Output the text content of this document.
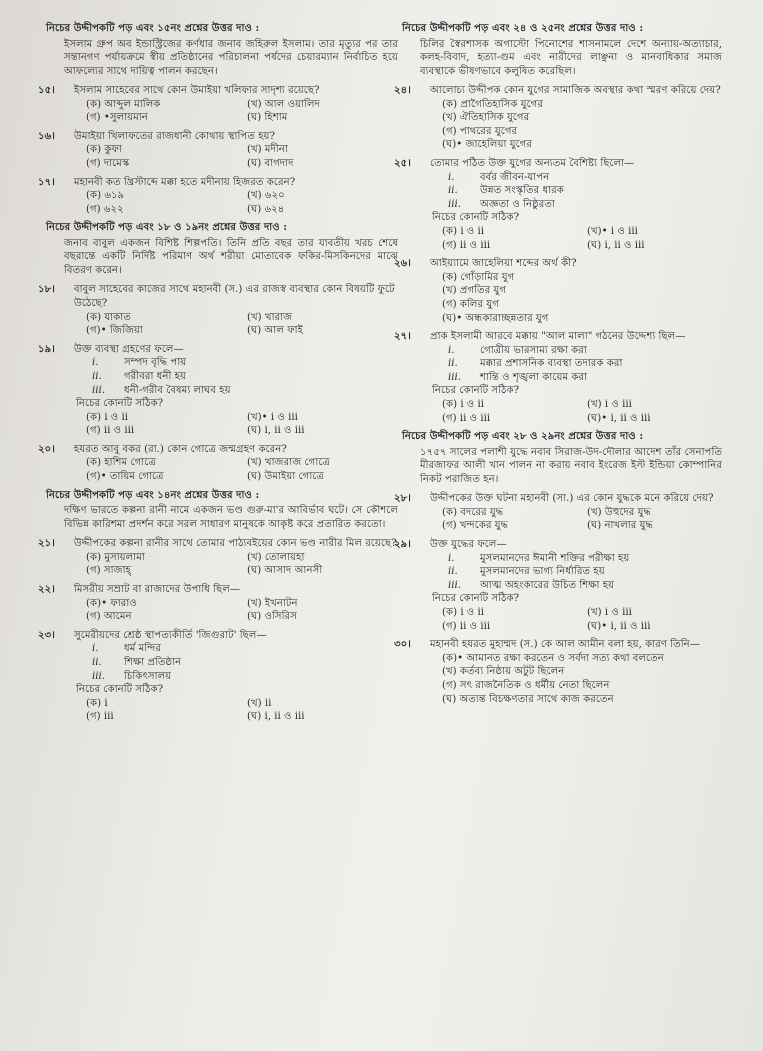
নিচের উদ্দীপকটি পড় এবং ১৫নং প্রশ্নের উত্তর দাও :
ইসলাম গ্রুপ অব ইন্ডাস্ট্রিজের কর্ণধার জনাব জহিরুল ইসলাম। তার মৃত্যুর পর তার সন্তানগণ পর্যায়ক্রমে স্বীয় প্রতিষ্ঠানের পরিচালনা পর্ষদের চেয়ারম্যান নির্বাচিত হয়ে আফল্যের সাথে দায়িত্ব পালন করছেন।
১৫।	ইসলাম সাহেবের সাথে কোন উমাইয়া খলিফার সাদৃশ্য রয়েছে?
(ক) আব্দুল মালিক	(খ) আল ওয়ালিদ
(গ) •সুলায়মান	(ঘ) হিশাম
১৬।	উমাইয়া খিলাফতের রাজধানী কোথায় স্থাপিত হয়?
(ক) কুফা	(খ) মদীনা
(গ) দামেস্ক	(ঘ) বাগদাদ
১৭।	মহানবী কত খ্রিস্টাব্দে মক্কা হতে মদীনায় হিজরত করেন?
(ক) ৬১৯	(খ) ৬২০
(গ) ৬২২	(ঘ) ৬২৪
নিচের উদ্দীপকটি পড় এবং ১৮ ও ১৯নং প্রশ্নের উত্তর দাও :
জনাব বাবুল একজন বিশিষ্ট শিল্পপতি। তিনি প্রতি বছর তার যাবতীয় খরচ শেষে বছরান্তে একটি নির্দিষ্ট পরিমাণ অর্থ শরীয়া মোতাবেক ফকির-মিসকিনদের মাঝে বিতরণ করেন।
১৮।	বাবুল সাহেবের কাজের সাথে মহানবী (স.) এর রাজস্ব ব্যবস্থার কোন বিষয়টি ফুটে উঠেছে?
(ক) যাকাত	(খ) খারাজ
(গ)• জিজিয়া	(ঘ) আল ফাই
১৯।	উক্ত ব্যবস্থা গ্রহণের ফলে—
i.	সম্পদ বৃদ্ধি পায়
ii.	গরীবরা ধনী হয়
iii.	ধনী-গরীব বৈষম্য লাঘব হয়
নিচের কোনটি সঠিক?
(ক) i ও ii	(খ)• i ও iii
(গ) ii ও iii	(ঘ) i, ii ও iii
২০।	হযরত আবু বকর (রা.) কোন গোত্রে জন্মগ্রহণ করেন?
(ক) হাশিম গোত্রে	(খ) খাজরাজ গোত্রে
(গ)• তায়িম গোত্রে	(ঘ) উমাইয়া গোত্রে
নিচের উদ্দীপকটি পড় এবং ১৪নং প্রশ্নের উত্তর দাও :
দক্ষিণ ভারতে কল্পনা রানী নামে একজন ভণ্ড গুরু-মা'র আবির্ভাব ঘটে। সে কৌশলে বিভিন্ন কারিশমা প্রদর্শন করে সরল সাধারণ মানুষকে আকৃষ্ট করে প্রতারিত করতো।
২১।	উদ্দীপকের কল্পনা রানীর সাথে তোমার পাঠ্যবইয়ের কোন ভণ্ড নারীর মিল রয়েছে?
(ক) মুসায়লামা	(খ) তোলায়হা
(গ) সাজাহ্	(ঘ) আসাদ আনসী
২২।	মিসরীয় সম্রাট বা রাজাদের উপাধি ছিল—
(ক)• ফারাও	(খ) ইখনাটন
(গ) আমেন	(ঘ) ওসিরিস
২৩।	সুমেরীয়দের শ্রেষ্ঠ স্থাপত্যকীর্তি 'জিগুরাট' ছিল—
i.	ধর্ম মন্দির
ii.	শিক্ষা প্রতিষ্ঠান
iii.	চিকিৎসালয়
নিচের কোনটি সঠিক?
(ক) i	(খ) ii
(গ) iii	(ঘ) i, ii ও iii
নিচের উদ্দীপকটি পড় এবং ২৪ ও ২৫নং প্রশ্নের উত্তর দাও :
চিলির স্বৈরশাসক অগাস্টো পিনোশের শাসনামলে দেশে অন্যায়-অত্যাচার, কলহ-বিবাদ, হত্যা-গুম এবং নারীদের লাঞ্ছনা ও মানবাধিকার সমাজ ব্যবস্থাকে ভীষণভাবে কলুষিত করেছিল।
২৪।	আলোচ্য উদ্দীপক কোন যুগের সামাজিক অবস্থার কথা স্মরণ করিয়ে দেয়?
(ক) প্রাগৈতিহাসিক যুগের
(খ) ঐতিহাসিক যুগের
(গ) পাথরের যুগের
(ঘ)• জাহেলিয়া যুগের
২৫।	তোমার পঠিত উক্ত যুগের অন্যতম বৈশিষ্ট্য ছিলো—
i.	বর্বর জীবন-যাপন
ii.	উন্নত সংস্কৃতির ধারক
iii.	অজ্ঞতা ও নিষ্ঠুরতা
নিচের কোনটি সঠিক?
(ক) i ও ii	(খ)• i ও iii
(গ) ii ও iii	(ঘ) i, ii ও iii
২৬।	আইয়্যামে জাহেলিয়া শব্দের অর্থ কী?
(ক) গোঁড়ামির যুগ
(খ) প্রগতির যুগ
(গ) কলির যুগ
(ঘ)• অন্ধকারাচ্ছন্নতার যুগ
২৭।	প্রাক ইসলামী আরবে মক্কায় "আল মালা" গঠনের উদ্দেশ্য ছিল—
i.	গোত্রীয় ভারসাম্য রক্ষা করা
ii.	মক্কার প্রশাসনিক ব্যবস্থা তদারক করা
iii.	শান্তি ও শৃঙ্খলা কায়েম করা
নিচের কোনটি সঠিক?
(ক) i ও ii	(খ) i ও iii
(গ) ii ও iii	(ঘ)• i, ii ও iii
নিচের উদ্দীপকটি পড় এবং ২৮ ও ২৯নং প্রশ্নের উত্তর দাও :
১৭৫৭ সালের পলাশী যুদ্ধে নবাব সিরাজ-উদ-দৌলার আদেশ তাঁর সেনাপতি মীরজাফর আলী খান পালন না করায় নবাব ইংরেজ ইস্ট ইন্ডিয়া কোম্পানির নিকট পরাজিত হন।
২৮।	উদ্দীপকের উক্ত ঘটনা মহানবী (সা.) এর কোন যুদ্ধকে মনে করিয়ে দেয়?
(ক) বদরের যুদ্ধ	(খ) উহুদের যুদ্ধ
(গ) খন্দকের যুদ্ধ	(ঘ) নাখলার যুদ্ধ
২৯।	উক্ত যুদ্ধের ফলে—
i.	মুসলমানদের ঈমানী শক্তির পরীক্ষা হয়
ii.	মুসলমানদের ভাগ্য নির্ধারিত হয়
iii.	আত্ম অহংকারের উচিত শিক্ষা হয়
নিচের কোনটি সঠিক?
(ক) i ও ii	(খ) i ও iii
(গ) ii ও iii	(ঘ)• i, ii ও iii
৩০।	মহানবী হযরত মুহাম্মদ (স.) কে আল আমীন বলা হয়, কারণ তিনি—
(ক)• আমানত রক্ষা করতেন ও সর্বদা সত্য কথা বলতেন
(খ) কর্তব্য নিষ্ঠায় অটুট ছিলেন
(গ) সৎ রাজনৈতিক ও ধর্মীয় নেতা ছিলেন
(ঘ) অত্যন্ত বিচক্ষণতার সাথে কাজ করতেন
